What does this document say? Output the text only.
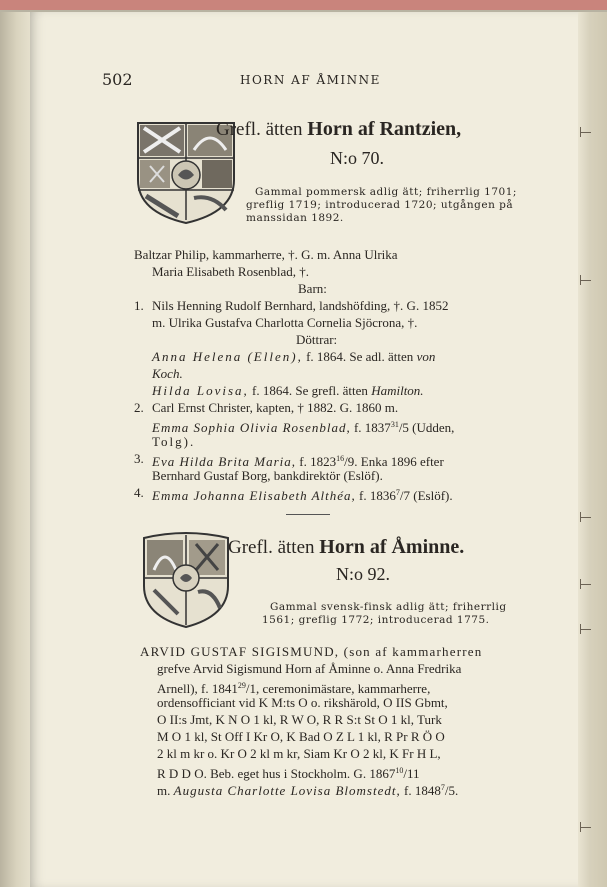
502	HORN AF ÅMINNE
Grefl. ätten Horn af Rantzien,
N:o 70.
Gammal pommersk adlig ätt; friherrlig 1701;
greflig 1719; introducerad 1720; utgången på
manssidan 1892.
Baltzar Philip, kammarherre, †. G. m. Anna Ulrika
Maria Elisabeth Rosenblad, †.
Barn:
1. Nils Henning Rudolf Bernhard, landshöfding, †. G. 1852
m. Ulrika Gustafva Charlotta Cornelia Sjöcrona, †.
Döttrar:
Anna Helena (Ellen), f. 1864. Se adl. ätten von
Koch.
Hilda Lovisa, f. 1864. Se grefl. ätten Hamilton.
2. Carl Ernst Christer, kapten, † 1882. G. 1860 m.
Emma Sophia Olivia Rosenblad, f. 1837$^{31}$/5 (Udden,
Tolg).
3. Eva Hilda Brita Maria, f. 1823$^{16}$/9. Enka 1896 efter
Bernhard Gustaf Borg, bankdirektör (Eslöf).
4. Emma Johanna Elisabeth Althéa, f. 1836$^7$/7 (Eslöf).
Grefl. ätten Horn af Åminne.
N:o 92.
Gammal svensk-finsk adlig ätt; friherrlig
1561; greflig 1772; introducerad 1775.
ARVID GUSTAF SIGISMUND, (son af kammarherren
grefve Arvid Sigismund Horn af Åminne o. Anna Fredrika
Arnell), f. 1841$^{29}$/1, ceremonimästare, kammarherre,
ordensofficiant vid K M:ts O o. rikshärold, O IIS Gbmt,
O II:s Jmt, K N O 1 kl, R W O, R R S:t St O 1 kl, Turk
M O 1 kl, St Off I Kr O, K Bad O Z L 1 kl, R Pr R Ö O
2 kl m kr o. Kr O 2 kl m kr, Siam Kr O 2 kl, K Fr H L,
R D D O. Beb. eget hus i Stockholm. G. 1867$^{10}$/11
m. Augusta Charlotte Lovisa Blomstedt, f. 1848$^7$/5.
